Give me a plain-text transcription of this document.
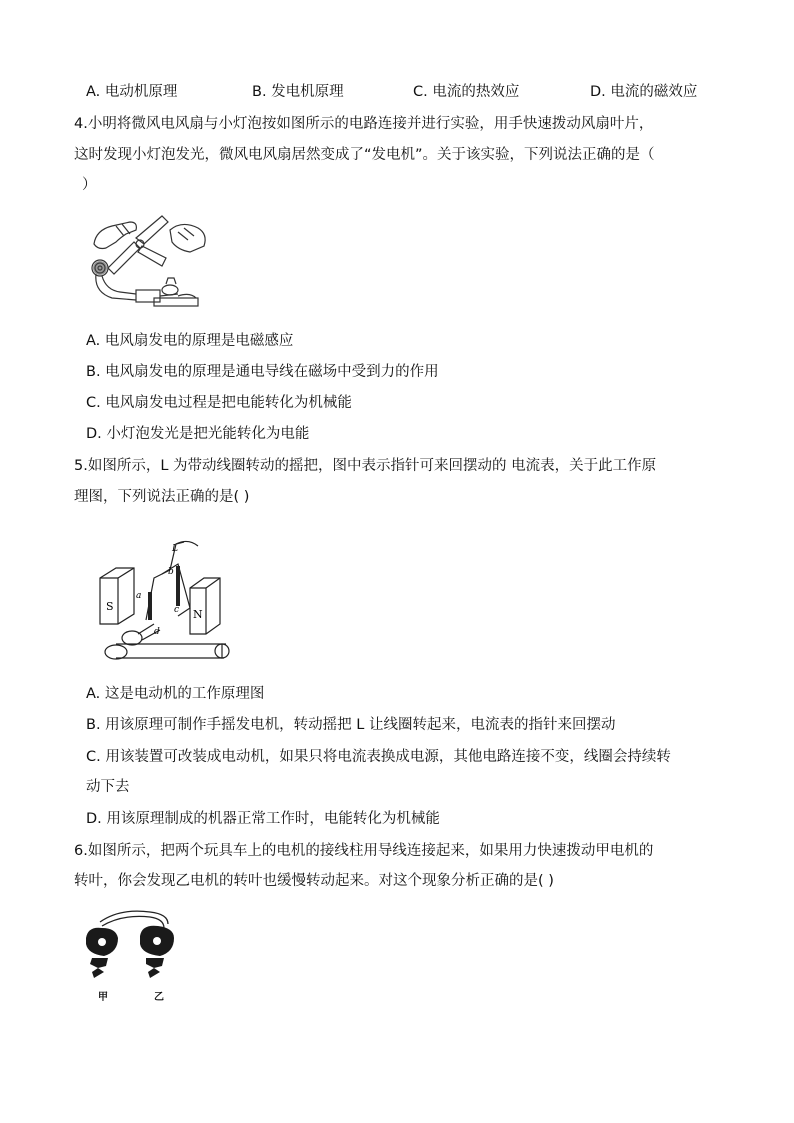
A. 电动机原理	B. 发电机原理	C. 电流的热效应	D. 电流的磁效应
4.小明将微风电风扇与小灯泡按如图所示的电路连接并进行实验，用手快速拨动风扇叶片，
这时发现小灯泡发光，微风电风扇居然变成了“发电机”。关于该实验，下列说法正确的是（
）
A. 电风扇发电的原理是电磁感应
B. 电风扇发电的原理是通电导线在磁场中受到力的作用
C. 电风扇发电过程是把电能转化为机械能
D. 小灯泡发光是把光能转化为电能
5.如图所示，L 为带动线圈转动的摇把，图中表示指针可来回摆动的 电流表，关于此工作原
理图，下列说法正确的是( )
S
N
L
a
b
c
d
A. 这是电动机的工作原理图
B. 用该原理可制作手摇发电机，转动摇把 L 让线圈转起来，电流表的指针来回摆动
C. 用该装置可改装成电动机，如果只将电流表换成电源，其他电路连接不变，线圈会持续转
动下去
D. 用该原理制成的机器正常工作时，电能转化为机械能
6.如图所示，把两个玩具车上的电机的接线柱用导线连接起来，如果用力快速拨动甲电机的
转叶，你会发现乙电机的转叶也缓慢转动起来。对这个现象分析正确的是( )
甲	乙
